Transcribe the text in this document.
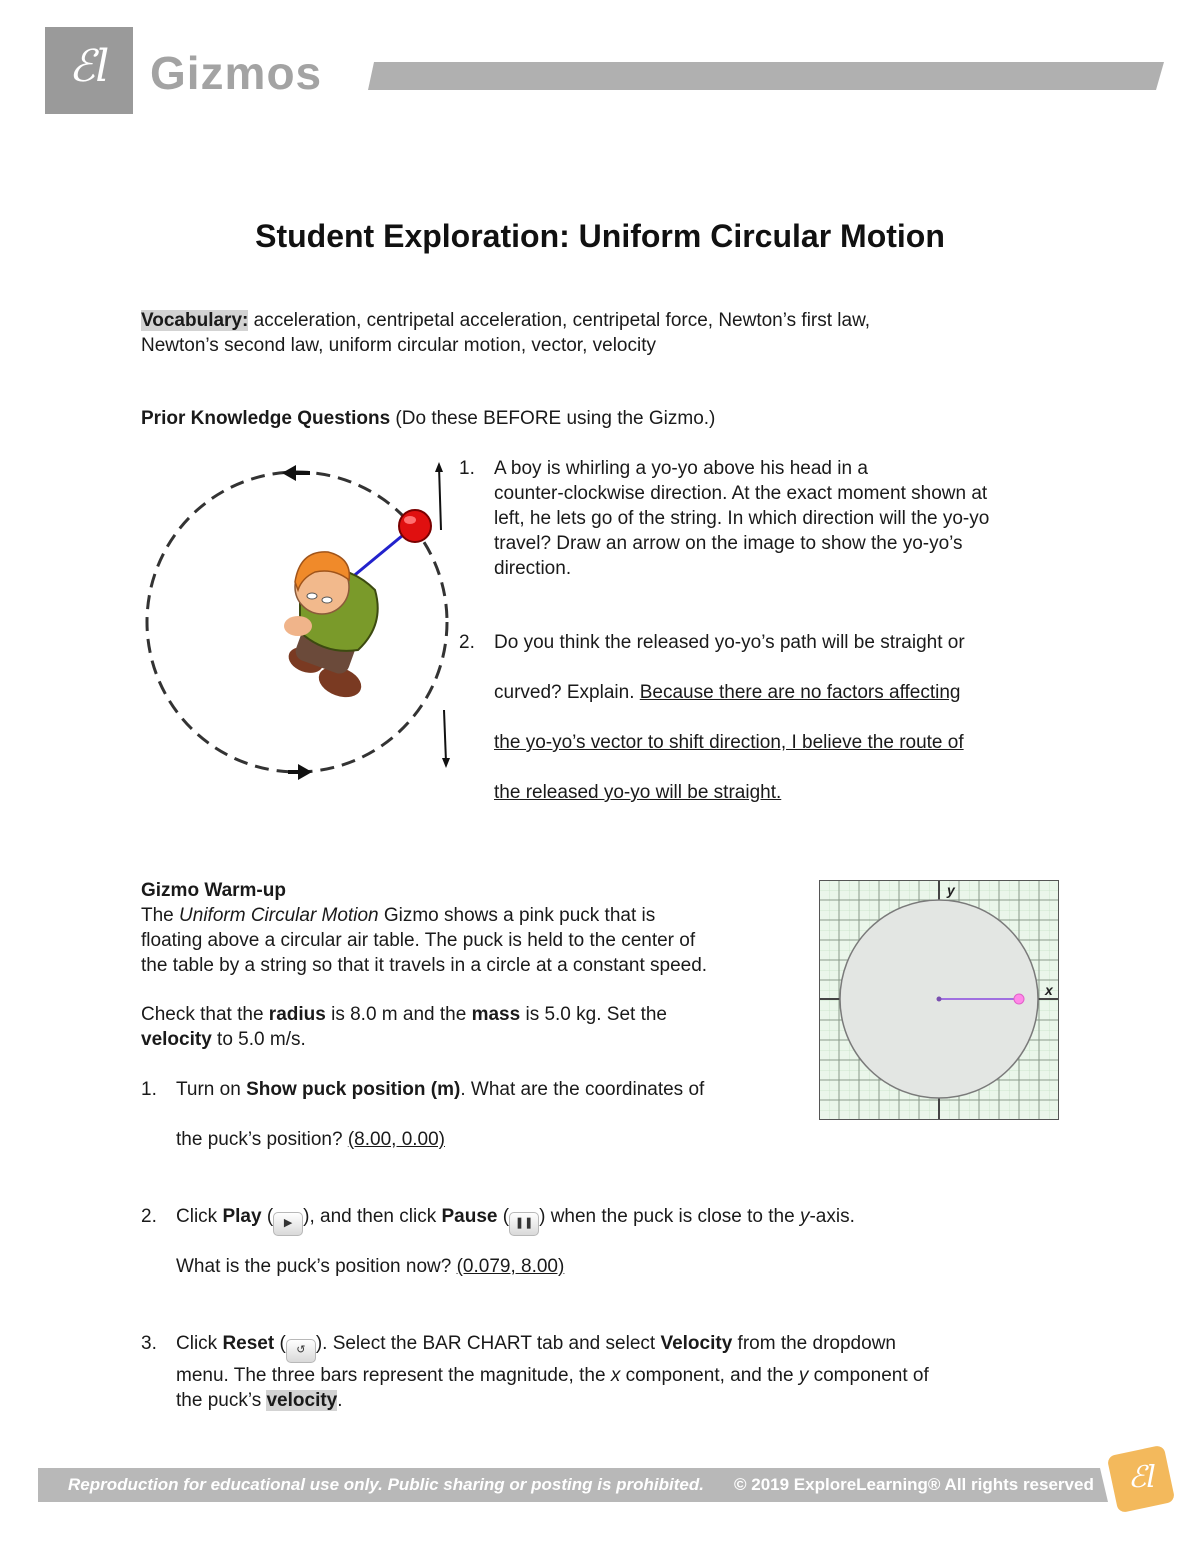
ℰl Gizmos
Student Exploration: Uniform Circular Motion
Vocabulary: acceleration, centripetal acceleration, centripetal force, Newton’s first law,
Newton’s second law, uniform circular motion, vector, velocity
Prior Knowledge Questions (Do these BEFORE using the Gizmo.)
1.	A boy is whirling a yo-yo above his head in a
counter-clockwise direction. At the exact moment shown at
left, he lets go of the string. In which direction will the yo-yo
travel? Draw an arrow on the image to show the yo-yo’s
direction.
2.	Do you think the released yo-yo’s path will be straight or
curved? Explain. Because there are no factors affecting
the yo-yo’s vector to shift direction, I believe the route of
the released yo-yo will be straight.
Gizmo Warm-up
The Uniform Circular Motion Gizmo shows a pink puck that is
floating above a circular air table. The puck is held to the center of
the table by a string so that it travels in a circle at a constant speed.
Check that the radius is 8.0 m and the mass is 5.0 kg. Set the
velocity to 5.0 m/s.
1. Turn on Show puck position (m). What are the coordinates of
the puck’s position? (8.00, 0.00)
y
x
2. Click Play ( ▶ ), and then click Pause ( ❚❚ ) when the puck is close to the y-axis.
What is the puck’s position now? (0.079, 8.00)
3. Click Reset ( ↺ ). Select the BAR CHART tab and select Velocity from the dropdown
menu. The three bars represent the magnitude, the x component, and the y component of
the puck’s velocity.
Reproduction for educational use only. Public sharing or posting is prohibited. © 2019 ExploreLearning® All rights reserved	ℰl
